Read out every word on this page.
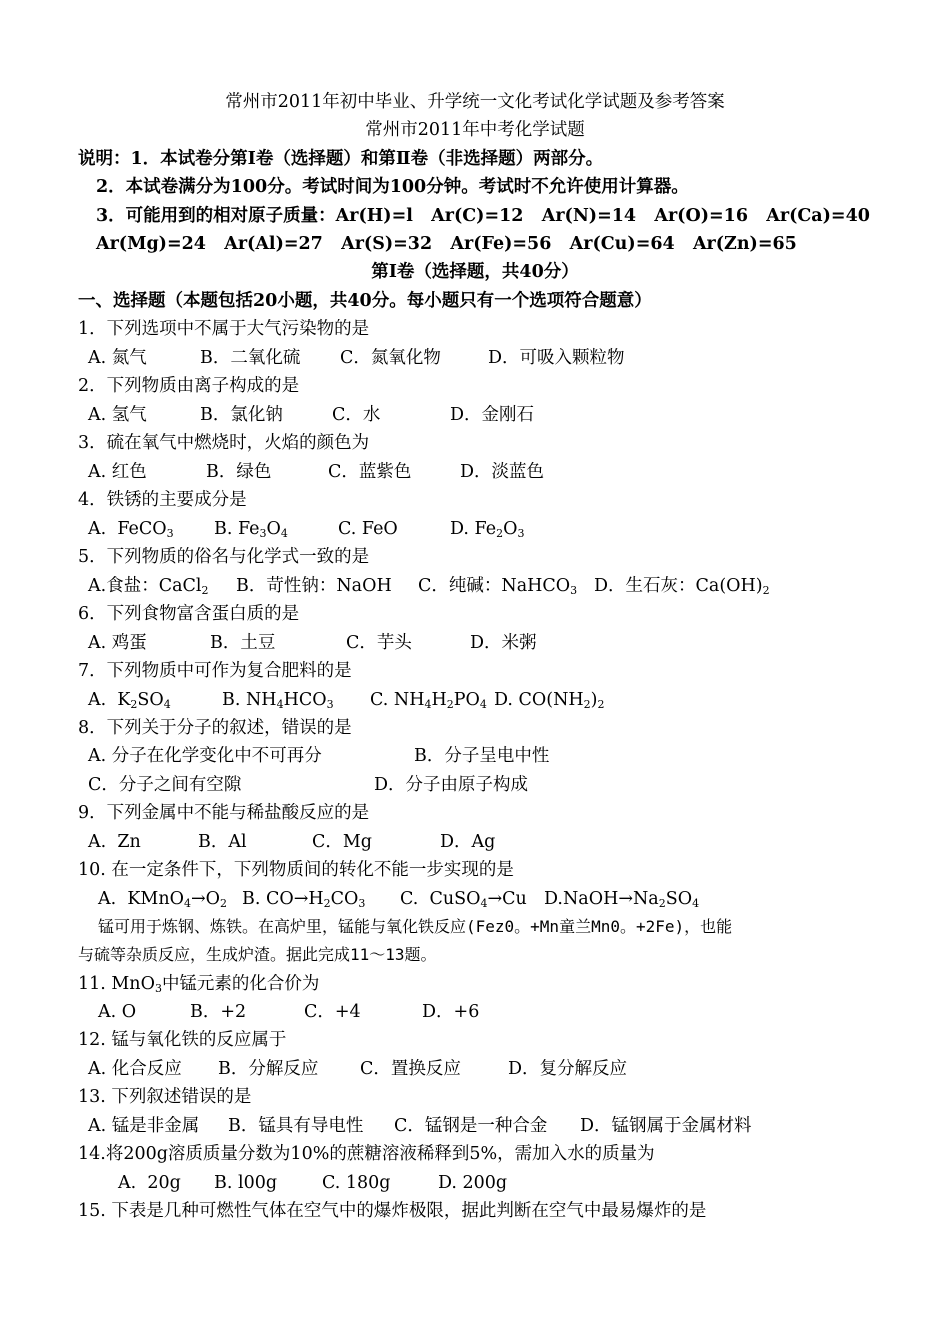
常州市2011年初中毕业、升学统一文化考试化学试题及参考答案
常州市2011年中考化学试题
说明：1．本试卷分第Ⅰ卷（选择题）和第Ⅱ卷（非选择题）两部分。
2．本试卷满分为100分。考试时间为100分钟。考试时不允许使用计算器。
3．可能用到的相对原子质量：Ar(H)=l   Ar(C)=12   Ar(N)=14   Ar(O)=16   Ar(Ca)=40
Ar(Mg)=24   Ar(Al)=27   Ar(S)=32   Ar(Fe)=56   Ar(Cu)=64   Ar(Zn)=65
第Ⅰ卷（选择题，共40分）
一、选择题（本题包括20小题，共40分。每小题只有一个选项符合题意）
1．下列选项中不属于大气污染物的是

A. 氮气

	B．二氧化硫

C．氮氧化物

	D．可吸入颗粒物

2．下列物质由离子构成的是

A. 氢气

	B．氯化钠

	C．水

	D．金刚石

3．硫在氧气中燃烧时，火焰的颜色为

A. 红色

	B．绿色

	C．蓝紫色

	D．淡蓝色

4．铁锈的主要成分是

A.  FeCO$_3$

B. $Fe_3O_4$

	C. FeO

	D. $Fe_2O_3$

5．下列物质的俗名与化学式一致的是

A.食盐：CaCl$_2$

B．苛性钠：NaOH

C．纯碱：NaHCO$_3$

D．生石灰：$Ca(OH)_2$

6．下列食物富含蛋白质的是

A. 鸡蛋

	B．土豆

	C．芋头

	D．米粥

7．下列物质中可作为复合肥料的是

A.  $K_2SO_4$

	B. $NH_4HCO_3$

C. $NH_4H_2PO_4$

D. $CO(NH_2)_2$

8．下列关于分子的叙述，错误的是

A. 分子在化学变化中不可再分

	B．分子呈电中性

C．分子之间有空隙

	D．分子由原子构成

9．下列金属中不能与稀盐酸反应的是

A.  Zn

	B．Al

	C．Mg

	D．Ag

10. 在一定条件下，下列物质间的转化不能一步实现的是

A.  $KMnO_4\to O_2$

B. $CO\to H_2CO_3$

C.  CuSO$_4$→Cu

$D.NaOH\to Na_2SO_4$

锰可用于炼钢、炼铁。在高炉里，锰能与氧化铁反应(Fez0。+Mn童兰Mn0。+2Fe)，也能
与硫等杂质反应，生成炉渣。据此完成11～13题。
11. MnO$_3$中锰元素的化合价为

A. O

	B．+2

	C．+4

	D．+6

12. 锰与氧化铁的反应属于

A. 化合反应

B．分解反应

C．置换反应

	D．复分解反应

13. 下列叙述错误的是

A. 锰是非金属

B．锰具有导电性

C．锰钢是一种合金

D．锰钢属于金属材料

14.将200g溶质质量分数为10%的蔗糖溶液稀释到5%，需加入水的质量为

A.  20g

B. l00g

	C. 180g

	D. 200g

15. 下表是几种可燃性气体在空气中的爆炸极限，据此判断在空气中最易爆炸的是
